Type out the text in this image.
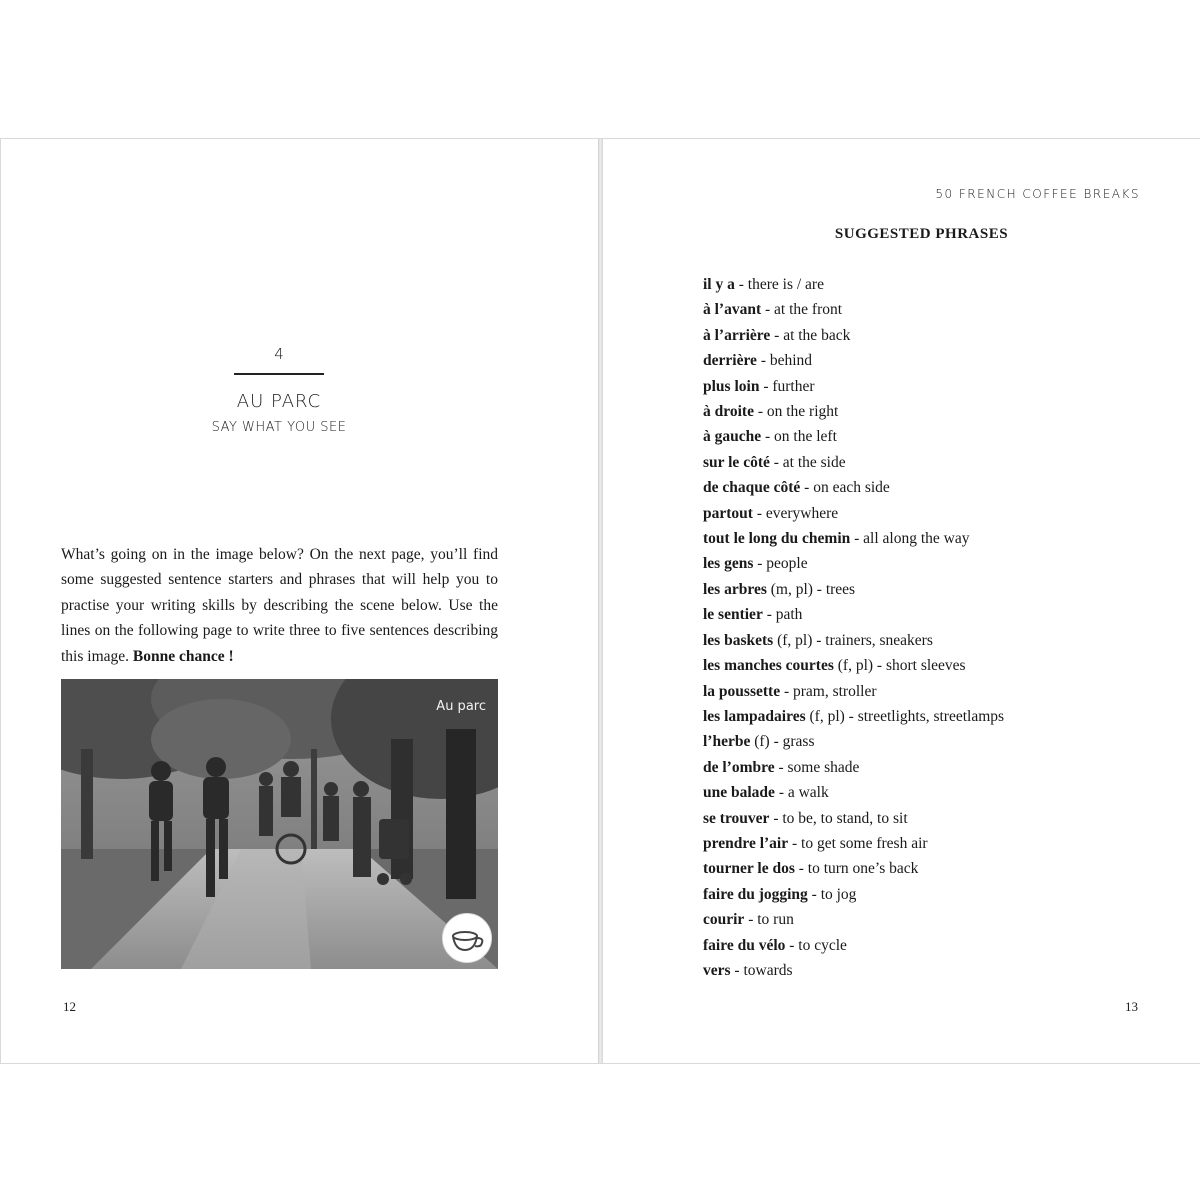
4
AU PARC
SAY WHAT YOU SEE

What’s going on in the image below? On the next page, you’ll find some suggested sentence starters and phrases that will help you to practise your writing skills by describing the scene below. Use the lines on the following page to write three to five sentences describing this image. Bonne chance !

Au parc
12
50 FRENCH COFFEE BREAKS
SUGGESTED PHRASES
il y a - there is / are
à l’avant - at the front
à l’arrière - at the back
derrière - behind
plus loin - further
à droite - on the right
à gauche - on the left
sur le côté - at the side
de chaque côté - on each side
partout - everywhere
tout le long du chemin - all along the way
les gens - people
les arbres (m, pl) - trees
le sentier - path
les baskets (f, pl) - trainers, sneakers
les manches courtes (f, pl) - short sleeves
la poussette - pram, stroller
les lampadaires (f, pl) - streetlights, streetlamps
l’herbe (f) - grass
de l’ombre - some shade
une balade - a walk
se trouver - to be, to stand, to sit
prendre l’air - to get some fresh air
tourner le dos - to turn one’s back
faire du jogging - to jog
courir - to run
faire du vélo - to cycle
vers - towards
13
